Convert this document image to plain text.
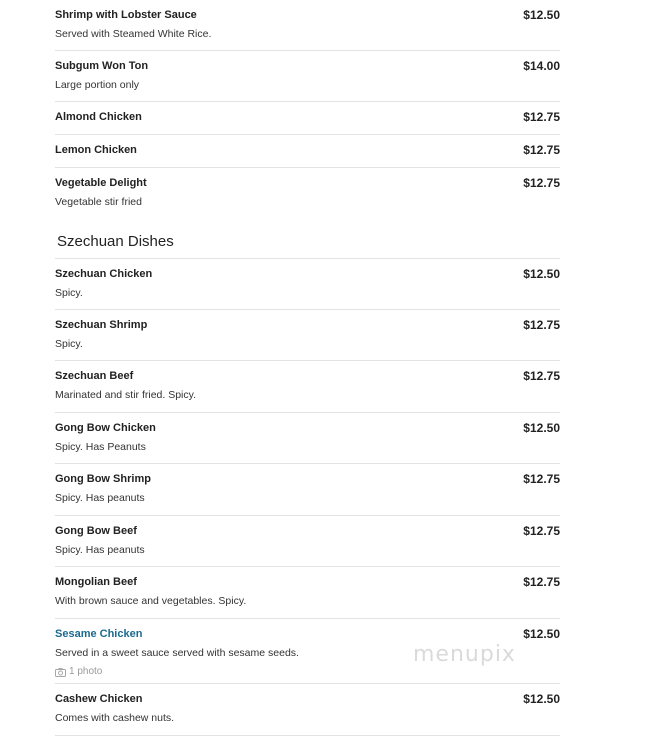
Shrimp with Lobster Sauce
Served with Steamed White Rice.
$12.50
Subgum Won Ton
Large portion only
$14.00
Almond Chicken	$12.75
Lemon Chicken	$12.75
Vegetable Delight
Vegetable stir fried
$12.75
Szechuan Dishes
Szechuan Chicken
Spicy.
$12.50
Szechuan Shrimp
Spicy.
$12.75
Szechuan Beef
Marinated and stir fried. Spicy.
$12.75
Gong Bow Chicken
Spicy. Has Peanuts
$12.50
Gong Bow Shrimp
Spicy. Has peanuts
$12.75
Gong Bow Beef
Spicy. Has peanuts
$12.75
Mongolian Beef
With brown sauce and vegetables. Spicy.
$12.75
Sesame Chicken
Served in a sweet sauce served with sesame seeds.
1 photo
$12.50
Cashew Chicken
Comes with cashew nuts.
$12.50
menupix
